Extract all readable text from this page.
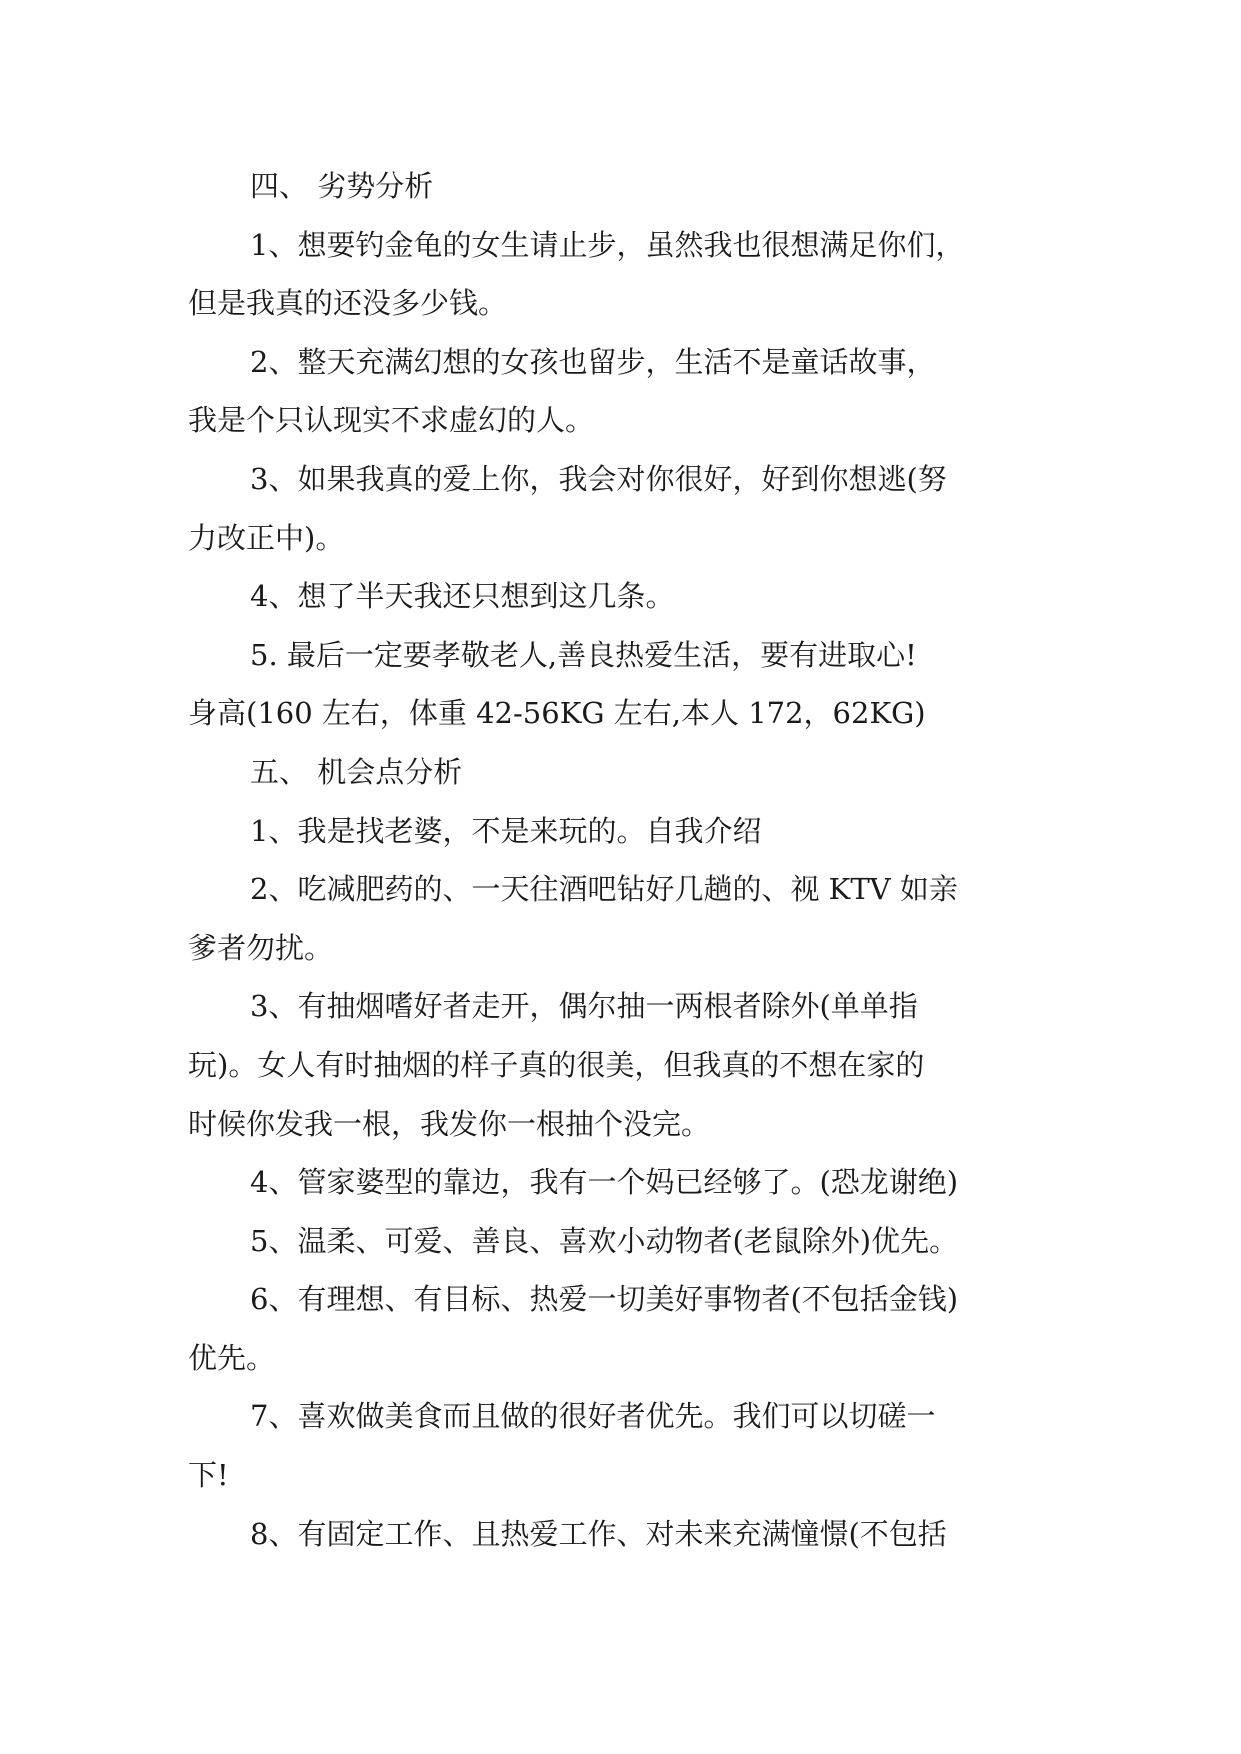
四、 劣势分析
1、想要钓金龟的女生请止步，虽然我也很想满足你们，
但是我真的还没多少钱。
2、整天充满幻想的女孩也留步，生活不是童话故事，
我是个只认现实不求虚幻的人。
3、如果我真的爱上你，我会对你很好，好到你想逃(努
力改正中)。
4、想了半天我还只想到这几条。
5. 最后一定要孝敬老人,善良热爱生活，要有进取心!
身高(160 左右，体重 42-56KG 左右,本人 172，62KG)
五、 机会点分析
1、我是找老婆，不是来玩的。自我介绍
2、吃减肥药的、一天往酒吧钻好几趟的、视 KTV 如亲
爹者勿扰。
3、有抽烟嗜好者走开，偶尔抽一两根者除外(单单指
玩)。女人有时抽烟的样子真的很美，但我真的不想在家的
时候你发我一根，我发你一根抽个没完。
4、管家婆型的靠边，我有一个妈已经够了。(恐龙谢绝)
5、温柔、可爱、善良、喜欢小动物者(老鼠除外)优先。
6、有理想、有目标、热爱一切美好事物者(不包括金钱)
优先。
7、喜欢做美食而且做的很好者优先。我们可以切磋一
下!
8、有固定工作、且热爱工作、对未来充满憧憬(不包括
